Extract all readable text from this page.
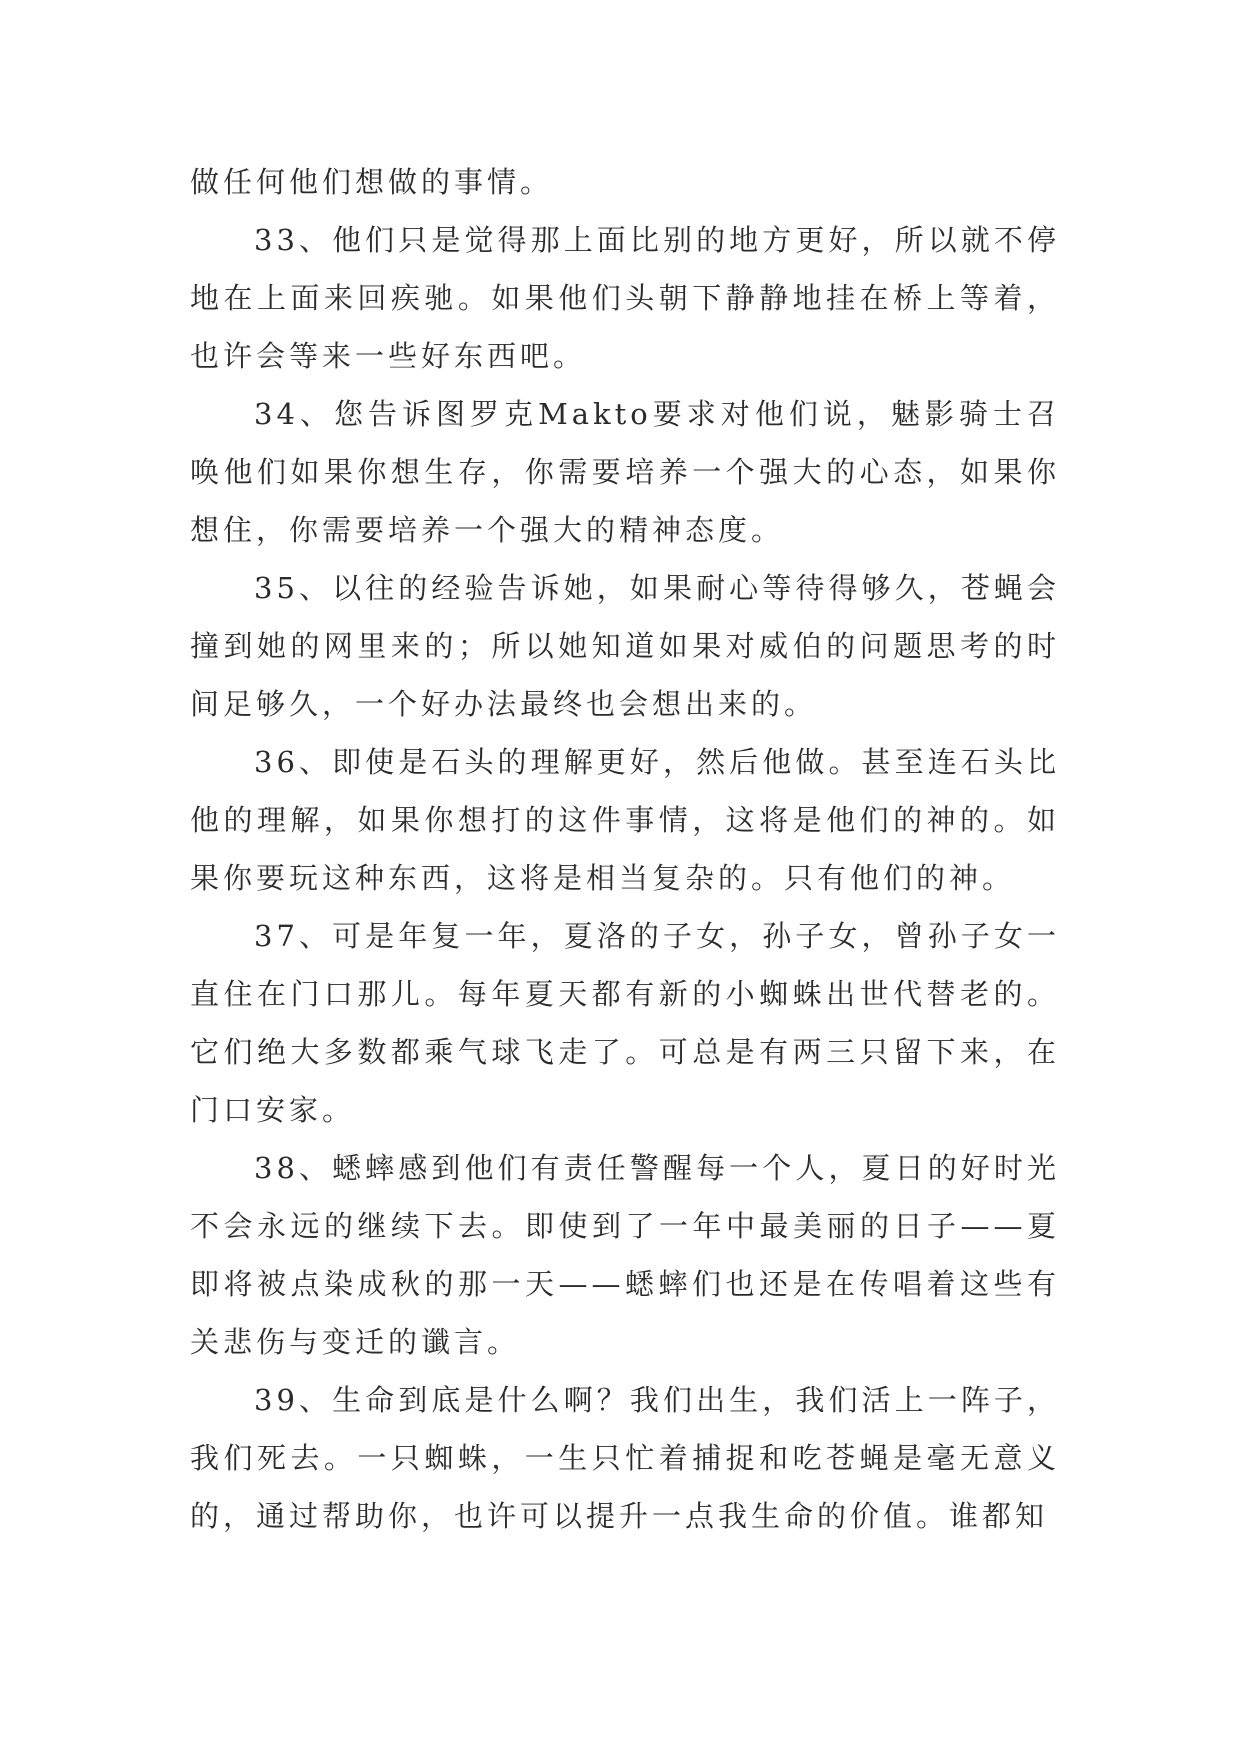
做任何他们想做的事情。

33、他们只是觉得那上面比别的地方更好，所以就不停地在上面来回疾驰。如果他们头朝下静静地挂在桥上等着，也许会等来一些好东西吧。

34、您告诉图罗克Makto要求对他们说，魅影骑士召唤他们如果你想生存，你需要培养一个强大的心态，如果你想住，你需要培养一个强大的精神态度。

35、以往的经验告诉她，如果耐心等待得够久，苍蝇会撞到她的网里来的；所以她知道如果对威伯的问题思考的时间足够久，一个好办法最终也会想出来的。

36、即使是石头的理解更好，然后他做。甚至连石头比他的理解，如果你想打的这件事情，这将是他们的神的。如果你要玩这种东西，这将是相当复杂的。只有他们的神。

37、可是年复一年，夏洛的子女，孙子女，曾孙子女一直住在门口那儿。每年夏天都有新的小蜘蛛出世代替老的。它们绝大多数都乘气球飞走了。可总是有两三只留下来，在门口安家。

38、蟋蟀感到他们有责任警醒每一个人，夏日的好时光不会永远的继续下去。即使到了一年中最美丽的日子——夏即将被点染成秋的那一天——蟋蟀们也还是在传唱着这些有关悲伤与变迁的谶言。

39、生命到底是什么啊？我们出生，我们活上一阵子，我们死去。一只蜘蛛，一生只忙着捕捉和吃苍蝇是毫无意义的，通过帮助你，也许可以提升一点我生命的价值。谁都知
